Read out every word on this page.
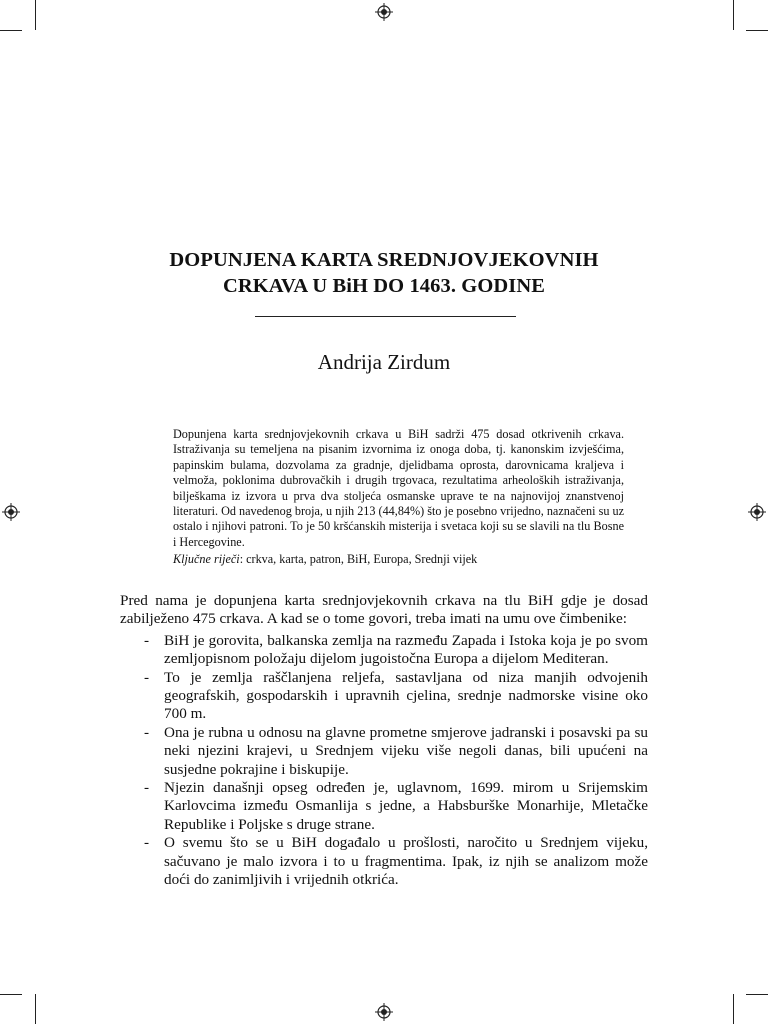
DOPUNJENA KARTA SREDNJOVJEKOVNIH
CRKAVA U BiH DO 1463. GODINE
Andrija Zirdum

Dopunjena karta srednjovjekovnih crkava u BiH sadrži 475 dosad otkrivenih crkava. Istraživanja su temeljena na pisanim izvornima iz onoga doba, tj. kanonskim izvješćima, papinskim bulama, dozvolama za gradnje, djelidbama oprosta, darovnicama kraljeva i velmoža, poklonima dubrovačkih i drugih trgovaca, rezultatima arheoloških istraživanja, bilješkama iz izvora u prva dva stoljeća osmanske uprave te na najnovijoj znanstvenoj literaturi. Od navedenog broja, u njih 213 (44,84%) što je posebno vrijedno, naznačeni su uz ostalo i njihovi patroni. To je 50 kršćanskih misterija i svetaca koji su se slavili na tlu Bosne i Hercegovine.

Ključne riječi: crkva, karta, patron, BiH, Europa, Srednji vijek

Pred nama je dopunjena karta srednjovjekovnih crkava na tlu BiH gdje je dosad zabilježeno 475 crkava. A kad se o tome govori, treba imati na umu ove čimbenike:

- BiH je gorovita, balkanska zemlja na razmeđu Zapada i Istoka koja je po svom zemljopisnom položaju dijelom jugoistočna Europa a dijelom Mediteran.
- To je zemlja raščlanjena reljefa, sastavljana od niza manjih odvojenih geografskih, gospodarskih i upravnih cjelina, srednje nadmorske visine oko 700 m.
- Ona je rubna u odnosu na glavne prometne smjerove jadranski i posavski pa su neki njezini krajevi, u Srednjem vijeku više negoli danas, bili upućeni na susjedne pokrajine i biskupije.
- Njezin današnji opseg određen je, uglavnom, 1699. mirom u Srijemskim Karlovcima između Osmanlija s jedne, a Habsburške Monarhije, Mletačke Republike i Poljske s druge strane.
- O svemu što se u BiH događalo u prošlosti, naročito u Srednjem vijeku, sačuvano je malo izvora i to u fragmentima. Ipak, iz njih se analizom može doći do zanimljivih i vrijednih otkrića.
